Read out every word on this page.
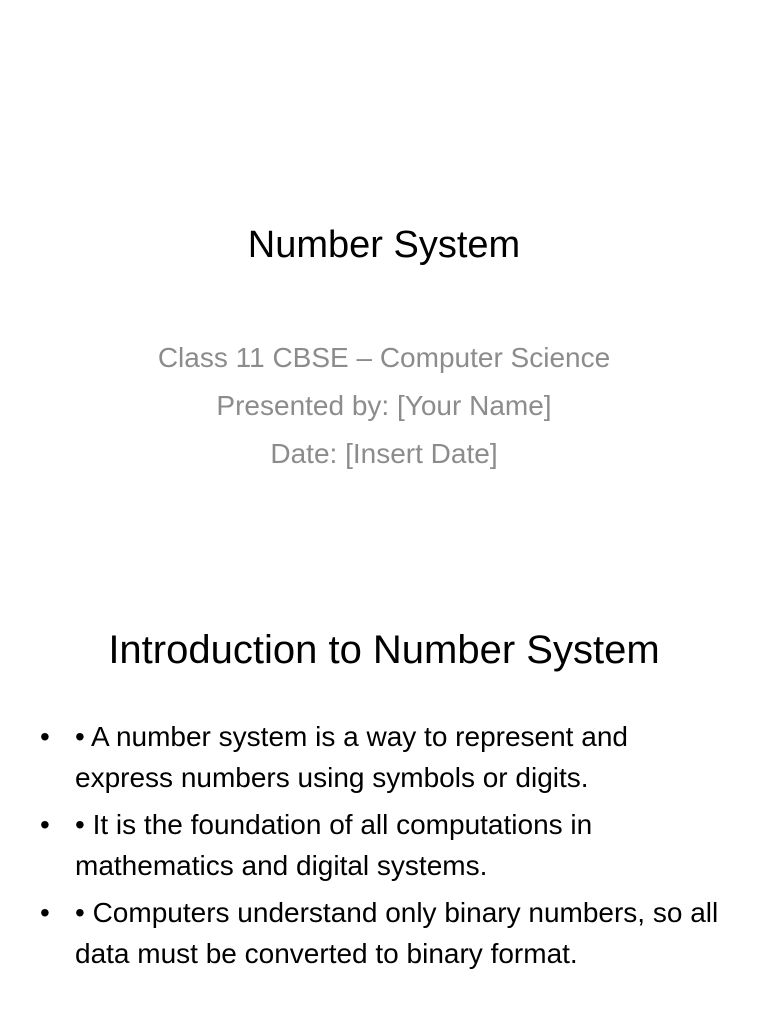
Number System
Class 11 CBSE – Computer Science
Presented by: [Your Name]
Date: [Insert Date]
Introduction to Number System
• • A number system is a way to represent and express numbers using symbols or digits.
• • It is the foundation of all computations in mathematics and digital systems.
• • Computers understand only binary numbers, so all data must be converted to binary format.
